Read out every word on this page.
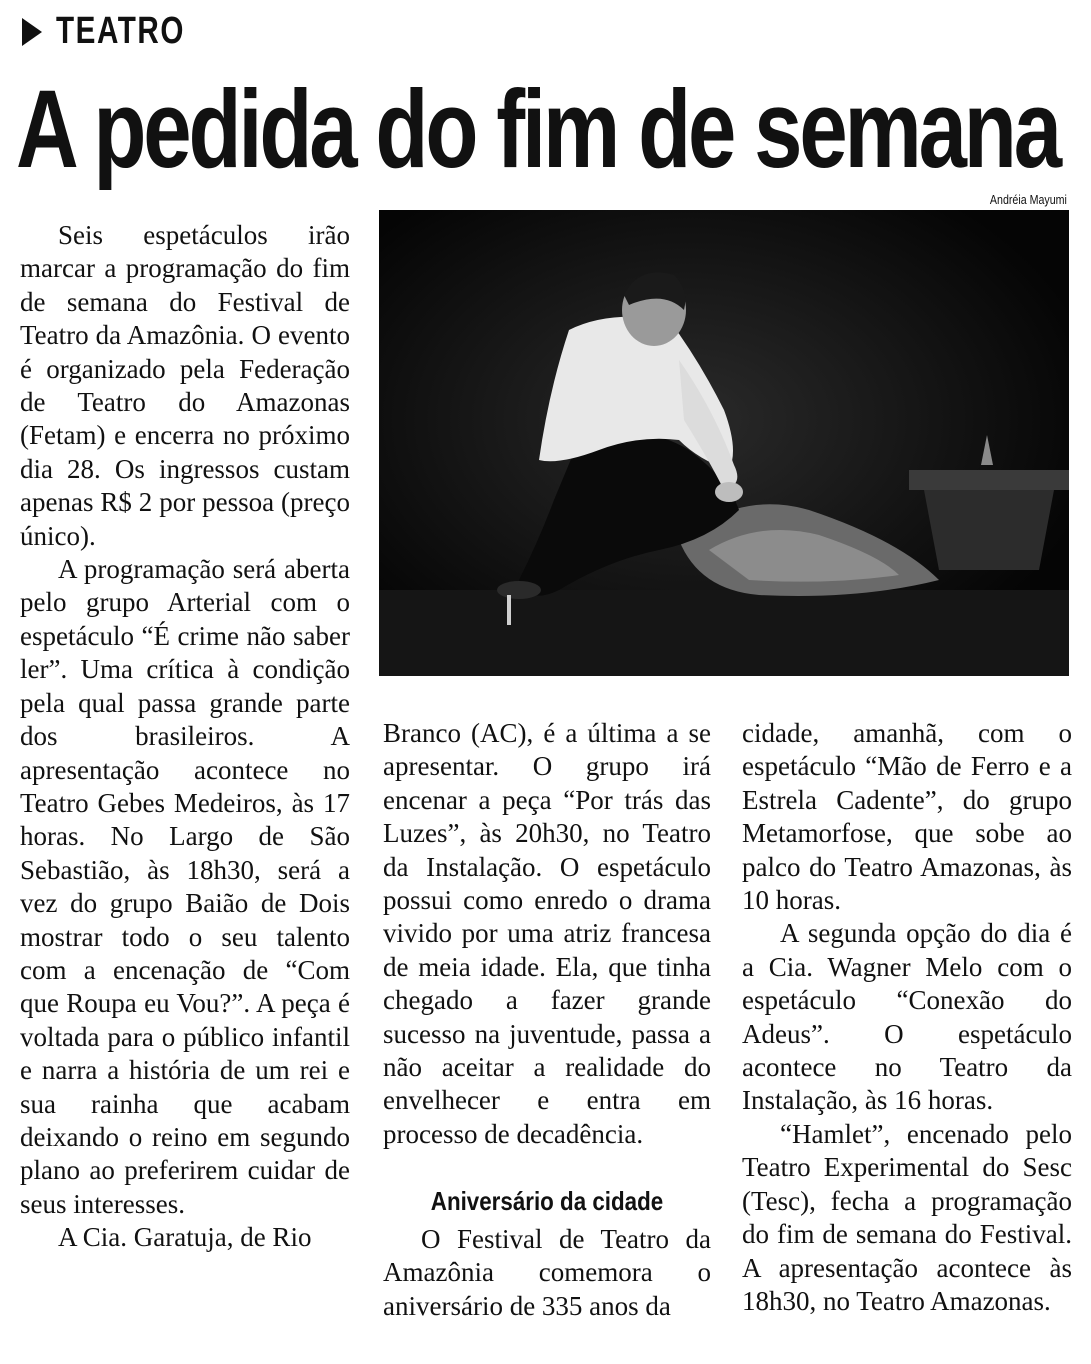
TEATRO
A pedida do fim de semana
Andréia Mayumi

Seis espetáculos irão marcar a programação do fim de semana do Festival de Teatro da Amazônia. O evento é organizado pela Federação de Teatro do Amazonas (Fetam) e encerra no próximo dia 28. Os ingressos custam apenas R$ 2 por pessoa (preço único).

A programação será aberta pelo grupo Arterial com o espetáculo “É crime não saber ler”. Uma crítica à condição pela qual passa grande parte dos brasileiros. A apresentação acontece no Teatro Gebes Medeiros, às 17 horas. No Largo de São Sebastião, às 18h30, será a vez do grupo Baião de Dois mostrar todo o seu talento com a encenação de “Com que Roupa eu Vou?”. A peça é voltada para o público infantil e narra a história de um rei e sua rainha que acabam deixando o reino em segundo plano ao preferirem cuidar de seus interesses.

A Cia. Garatuja, de Rio

Branco (AC), é a última a se apresentar. O grupo irá encenar a peça “Por trás das Luzes”, às 20h30, no Teatro da Instalação. O espetáculo possui como enredo o drama vivido por uma atriz francesa de meia idade. Ela, que tinha chegado a fazer grande sucesso na juventude, passa a não aceitar a realidade do envelhecer e entra em processo de decadência.

Aniversário da cidade

O Festival de Teatro da Amazônia comemora o aniversário de 335 anos da

cidade, amanhã, com o espetáculo “Mão de Ferro e a Estrela Cadente”, do grupo Metamorfose, que sobe ao palco do Teatro Amazonas, às 10 horas.

A segunda opção do dia é a Cia. Wagner Melo com o espetáculo “Conexão do Adeus”. O espetáculo acontece no Teatro da Instalação, às 16 horas.

“Hamlet”, encenado pelo Teatro Experimental do Sesc (Tesc), fecha a programação do fim de semana do Festival. A apresentação acontece às 18h30, no Teatro Amazonas.
